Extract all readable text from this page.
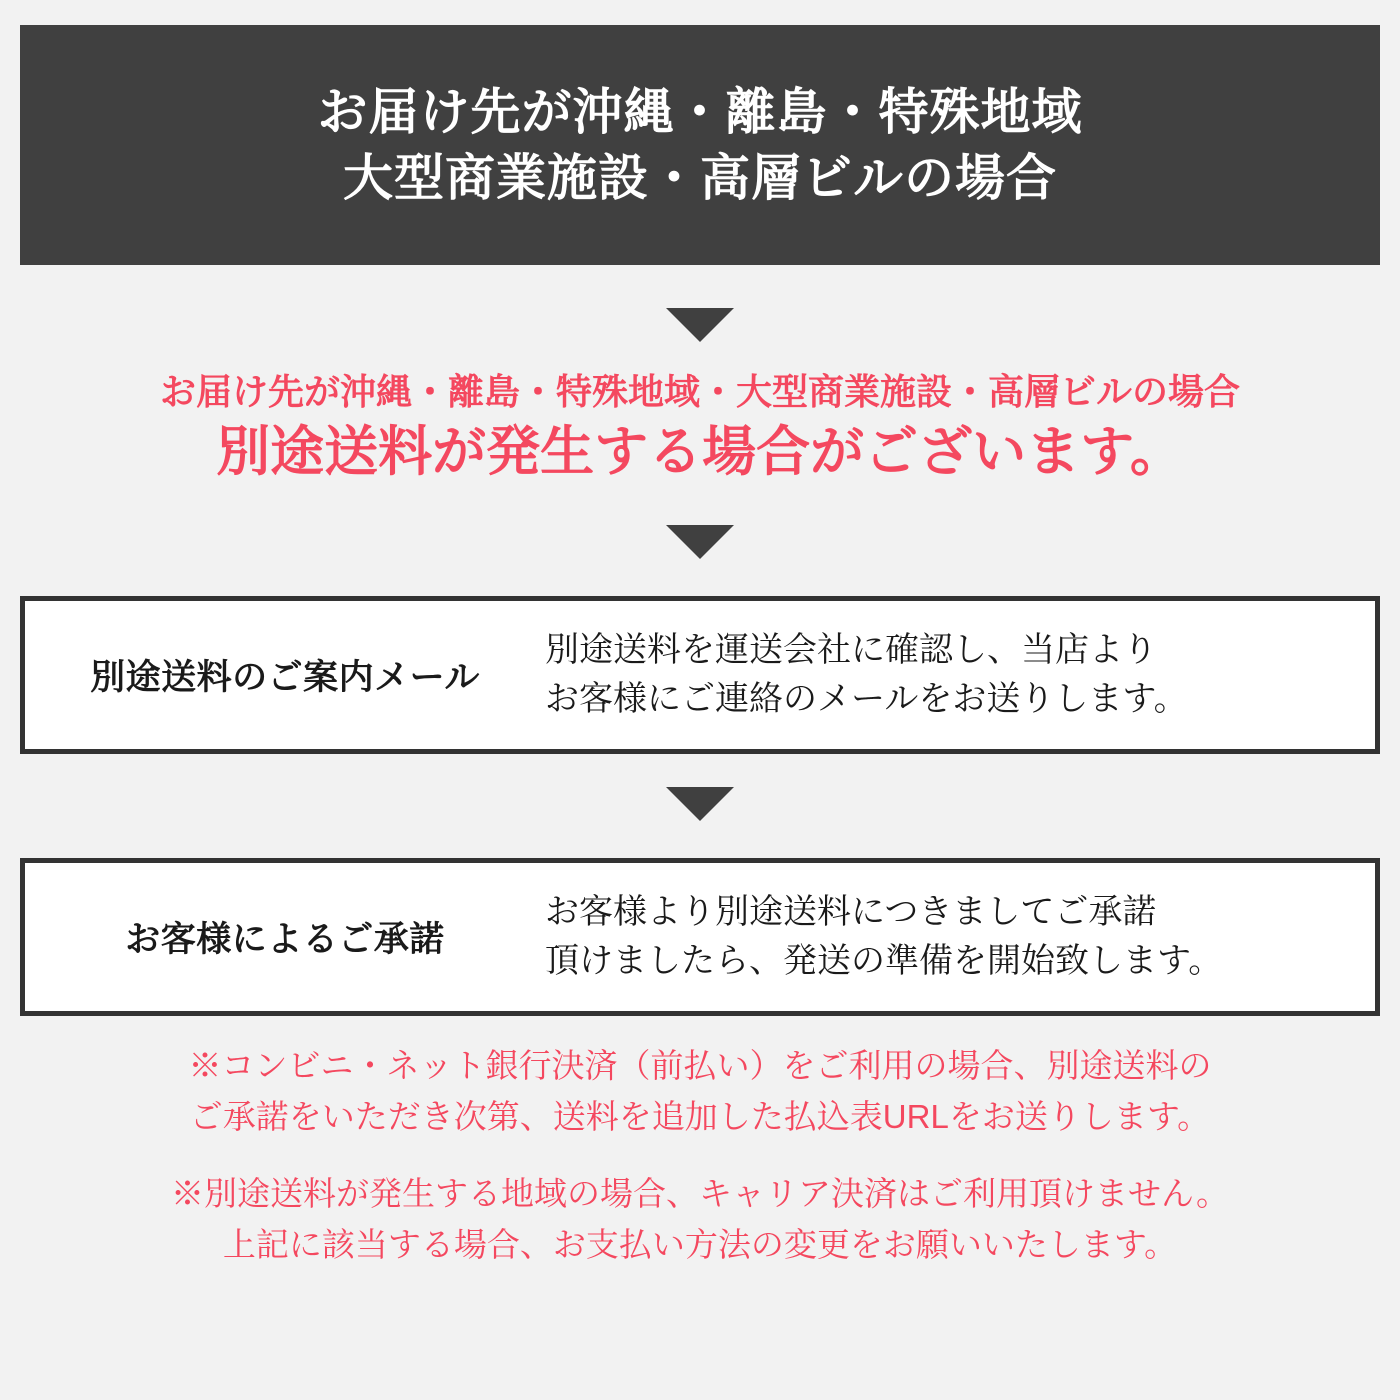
お届け先が沖縄・離島・特殊地域
大型商業施設・高層ビルの場合
お届け先が沖縄・離島・特殊地域・大型商業施設・高層ビルの場合
別途送料が発生する場合がございます。
別途送料のご案内メール
別途送料を運送会社に確認し、当店より
お客様にご連絡のメールをお送りします。
お客様によるご承諾
お客様より別途送料につきましてご承諾
頂けましたら、発送の準備を開始致します。
※コンビニ・ネット銀行決済（前払い）をご利用の場合、別途送料の
ご承諾をいただき次第、送料を追加した払込表URLをお送りします。
※別途送料が発生する地域の場合、キャリア決済はご利用頂けません。
上記に該当する場合、お支払い方法の変更をお願いいたします。
